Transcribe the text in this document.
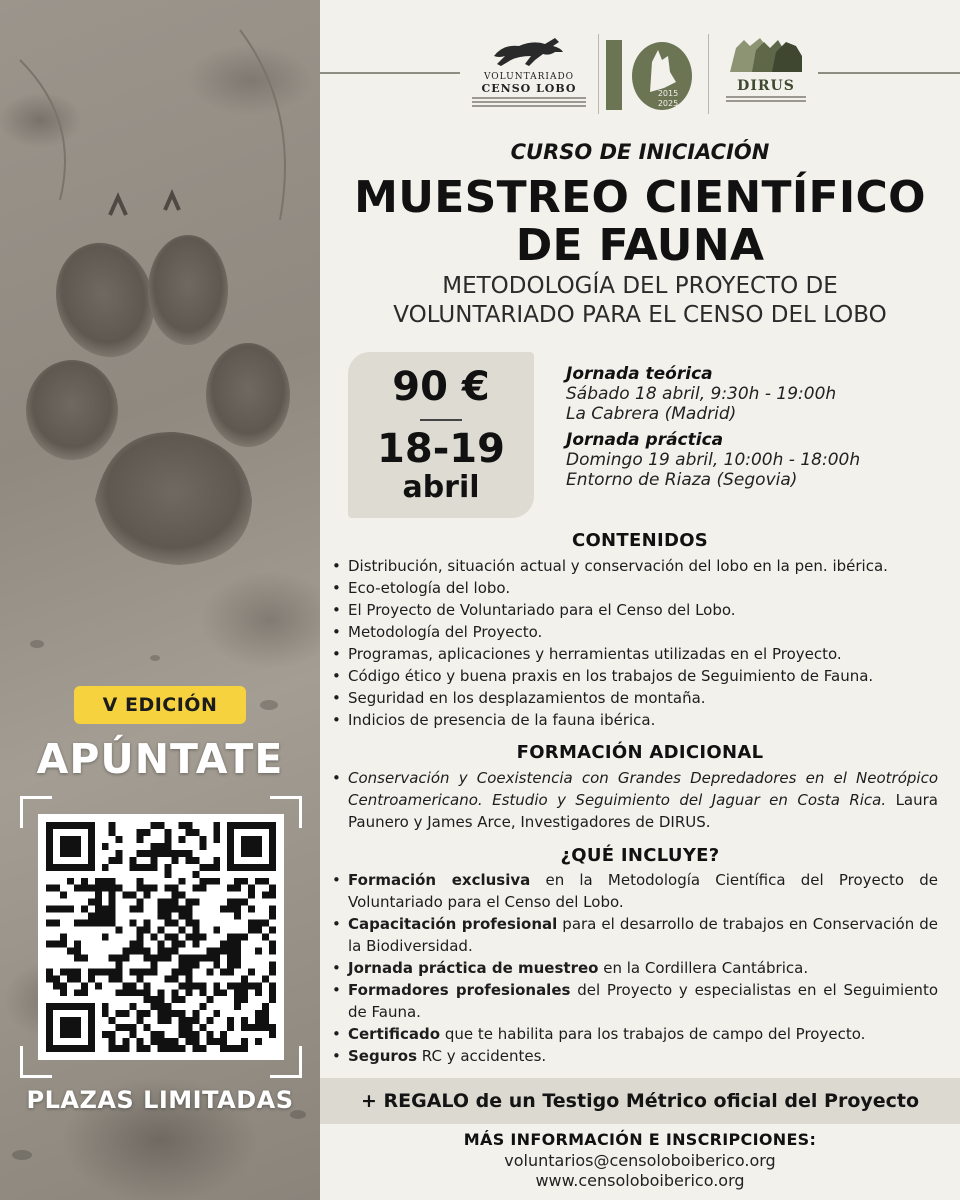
V EDICIÓN
APÚNTATE
PLAZAS LIMITADAS
VOLUNTARIADO
CENSO LOBO	2015
2025
DIRUS
CURSO DE INICIACIÓN
MUESTREO CIENTÍFICO
DE FAUNA
METODOLOGÍA DEL PROYECTO DE
VOLUNTARIADO PARA EL CENSO DEL LOBO
90 €
18-19
abril
Jornada teórica
Sábado 18 abril, 9:30h - 19:00h
La Cabrera (Madrid)
Jornada práctica
Domingo 19 abril, 10:00h - 18:00h
Entorno de Riaza (Segovia)
CONTENIDOS
• Distribución, situación actual y conservación del lobo en la pen. ibérica.
• Eco-etología del lobo.
• El Proyecto de Voluntariado para el Censo del Lobo.
• Metodología del Proyecto.
• Programas, aplicaciones y herramientas utilizadas en el Proyecto.
• Código ético y buena praxis en los trabajos de Seguimiento de Fauna.
• Seguridad en los desplazamientos de montaña.
• Indicios de presencia de la fauna ibérica.
FORMACIÓN ADICIONAL
• Conservación y Coexistencia con Grandes Depredadores en el Neotrópico Centroamericano. Estudio y Seguimiento del Jaguar en Costa Rica. Laura Paunero y James Arce, Investigadores de DIRUS.
¿QUÉ INCLUYE?
• Formación exclusiva en la Metodología Científica del Proyecto de Voluntariado para el Censo del Lobo.
• Capacitación profesional para el desarrollo de trabajos en Conservación de la Biodiversidad.
• Jornada práctica de muestreo en la Cordillera Cantábrica.
• Formadores profesionales del Proyecto y especialistas en el Seguimiento de Fauna.
• Certificado que te habilita para los trabajos de campo del Proyecto.
• Seguros RC y accidentes.
+ REGALO de un Testigo Métrico oficial del Proyecto
MÁS INFORMACIÓN E INSCRIPCIONES:
voluntarios@censoloboiberico.org
www.censoloboiberico.org
